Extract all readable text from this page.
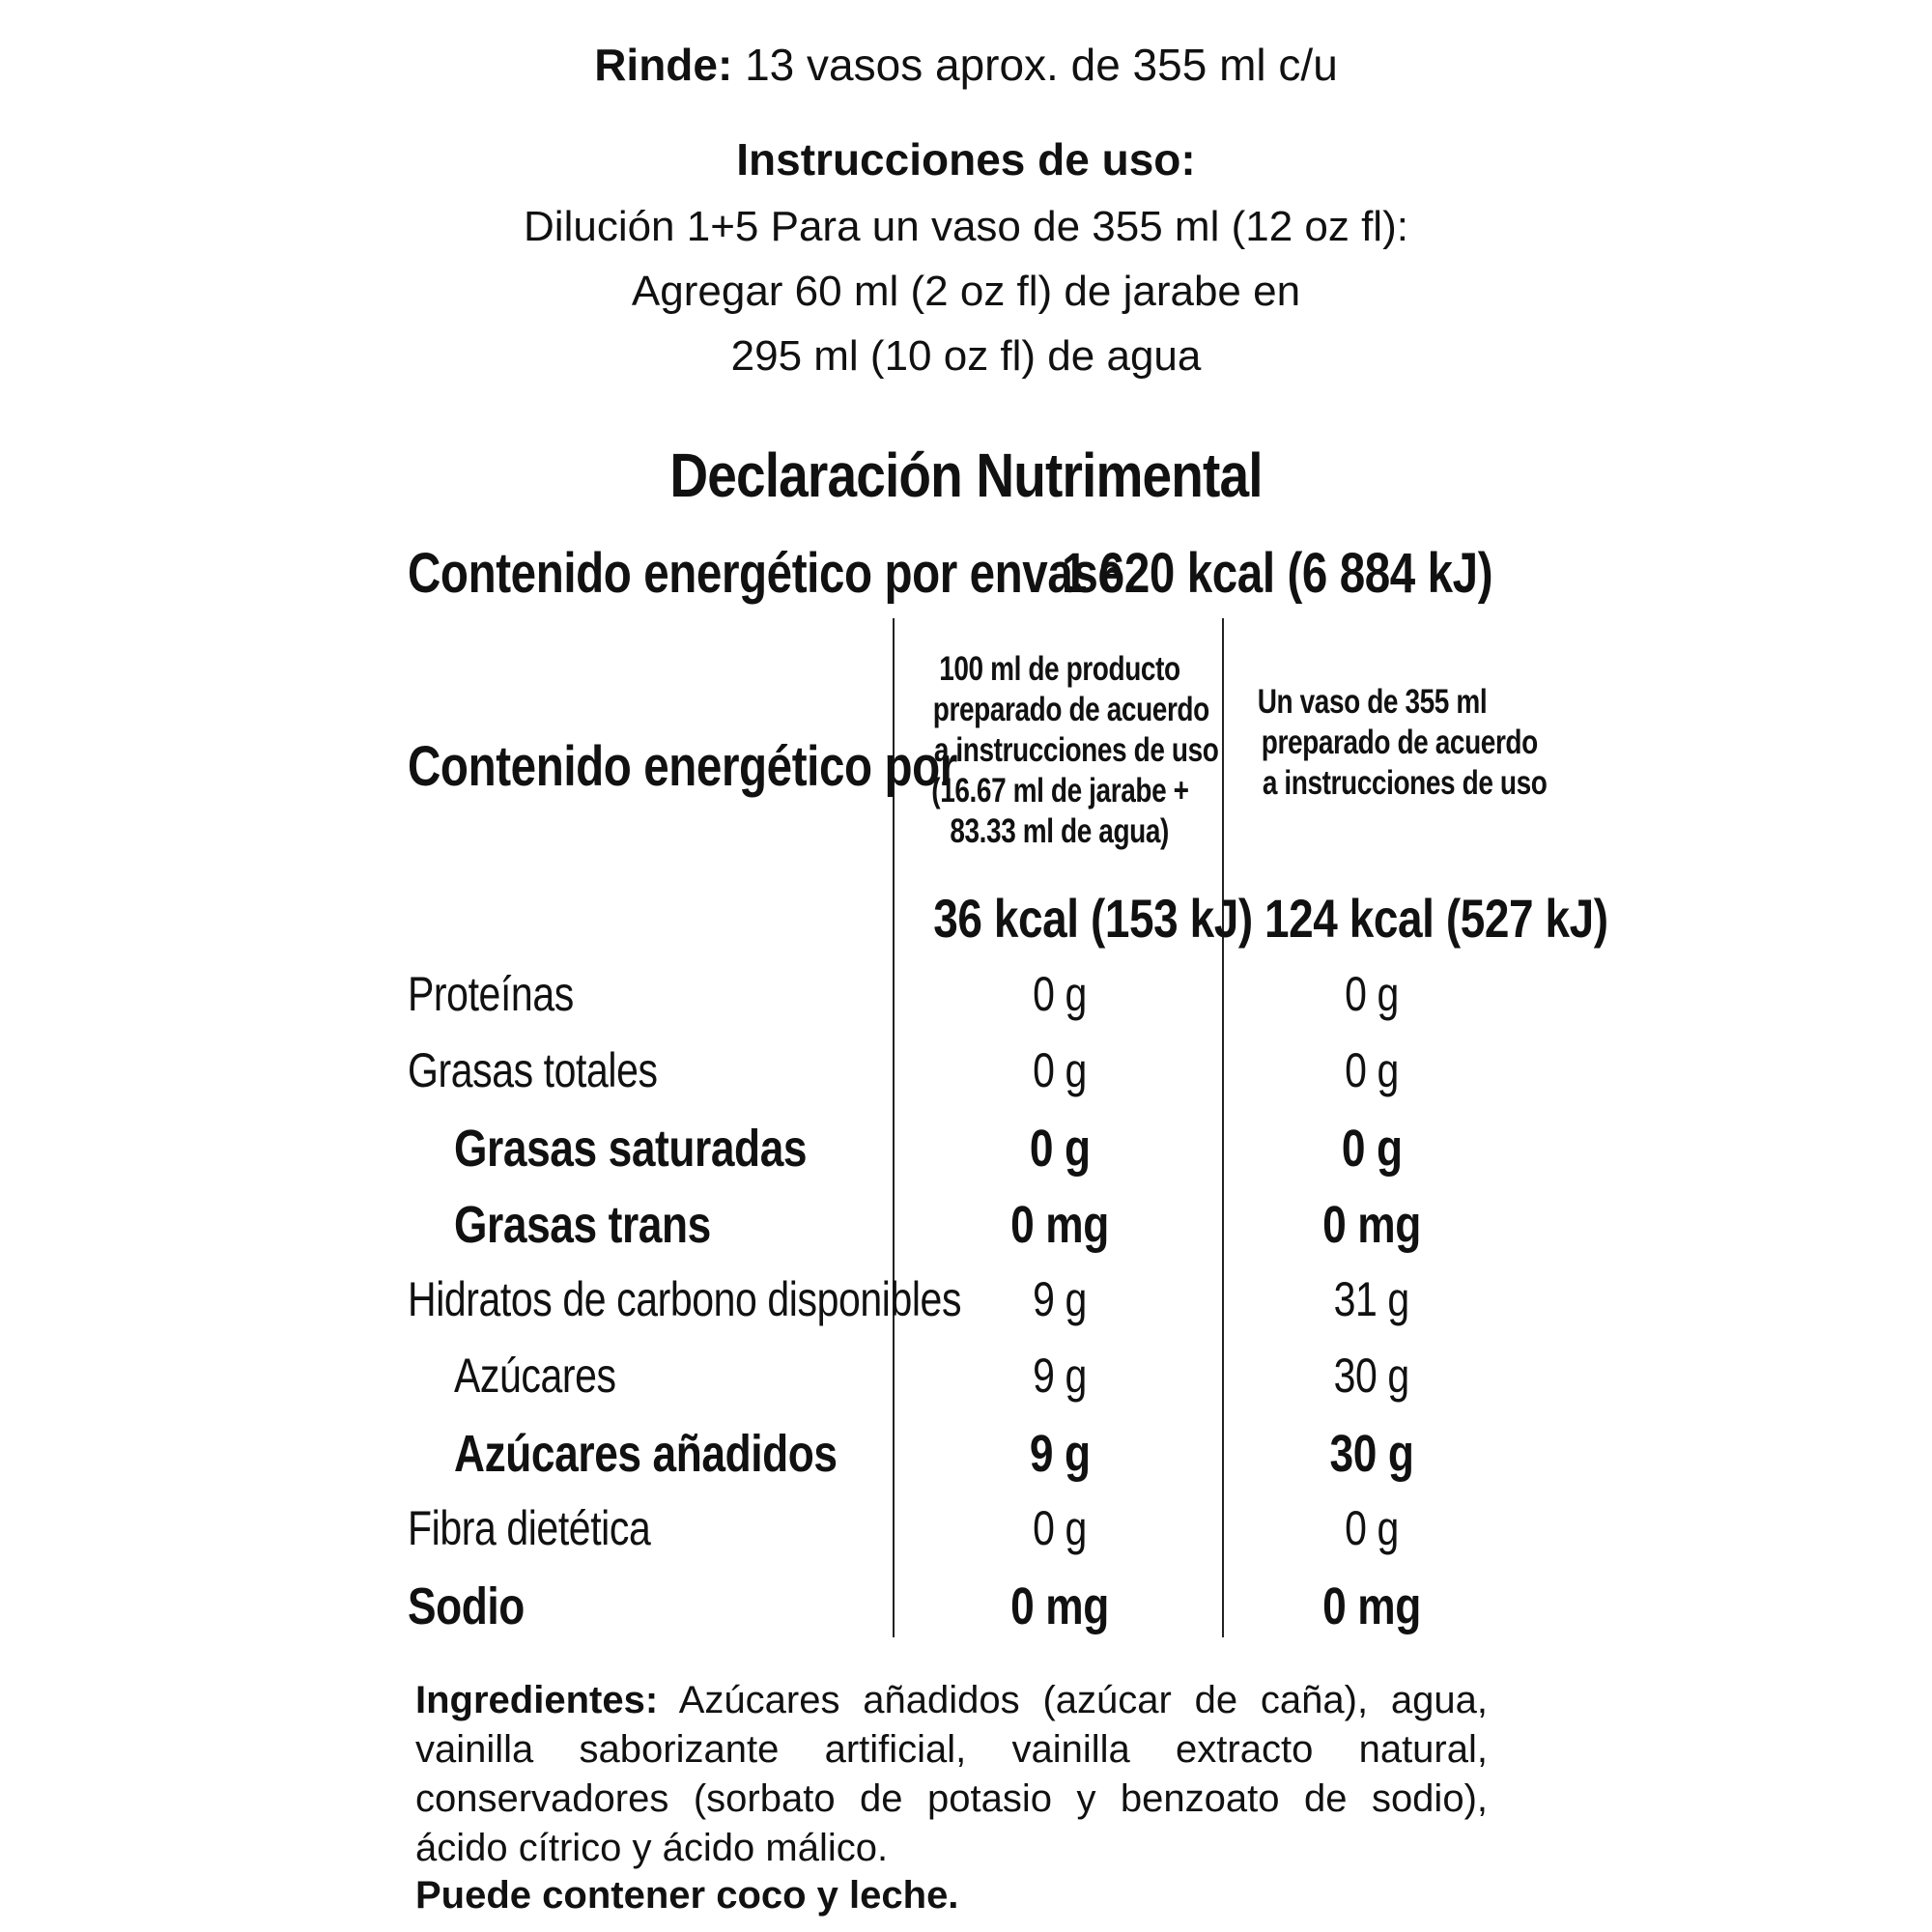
Rinde: 13 vasos aprox. de 355 ml c/u
Instrucciones de uso:
Dilución 1+5 Para un vaso de 355 ml (12 oz fl):
Agregar 60 ml (2 oz fl) de jarabe en
295 ml (10 oz fl) de agua
Declaración Nutrimental
Contenido energético por envase
1 620 kcal (6 884 kJ)
Contenido energético por
100 ml de producto
preparado de acuerdo
a instrucciones de uso
(16.67 ml de jarabe +
83.33 ml de agua)
Un vaso de 355 ml
preparado de acuerdo
a instrucciones de uso
36 kcal (153 kJ) 124 kcal (527 kJ)
Proteínas	0 g	0 g
Grasas totales	0 g	0 g
Grasas saturadas	0 g	0 g
Grasas trans	0 mg	0 mg
Hidratos de carbono disponibles	9 g	31 g
Azúcares	9 g	30 g
Azúcares añadidos	9 g	30 g
Fibra dietética	0 g	0 g
Sodio	0 mg	0 mg
Ingredientes: Azúcares añadidos (azúcar de caña), agua, vainilla saborizante artificial, vainilla extracto natural, conservadores (sorbato de potasio y benzoato de sodio), ácido cítrico y ácido málico.
Puede contener coco y leche.
